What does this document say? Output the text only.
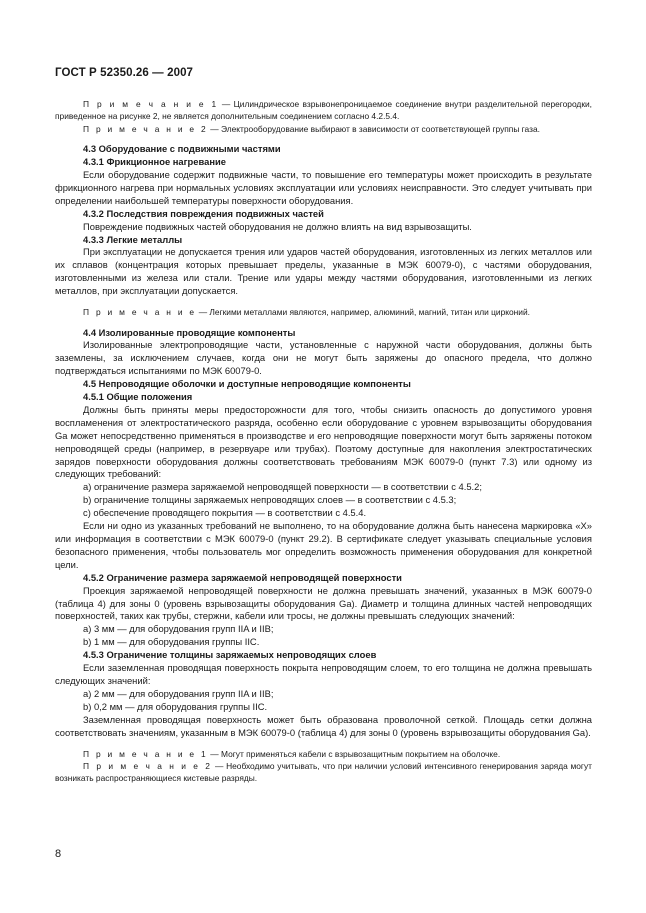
ГОСТ Р 52350.26 — 2007

П р и м е ч а н и е 1 — Цилиндрическое взрывонепроницаемое соединение внутри разделительной перегородки, приведенное на рисунке 2, не является дополнительным соединением согласно 4.2.5.4.

П р и м е ч а н и е 2 — Электрооборудование выбирают в зависимости от соответствующей группы газа.

4.3 Оборудование с подвижными частями

4.3.1 Фрикционное нагревание

Если оборудование содержит подвижные части, то повышение его температуры может происходить в результате фрикционного нагрева при нормальных условиях эксплуатации или условиях неисправности. Это следует учитывать при определении наибольшей температуры поверхности оборудования.

4.3.2 Последствия повреждения подвижных частей

Повреждение подвижных частей оборудования не должно влиять на вид взрывозащиты.

4.3.3 Легкие металлы

При эксплуатации не допускается трения или ударов частей оборудования, изготовленных из легких металлов или их сплавов (концентрация которых превышает пределы, указанные в МЭК 60079-0), с частями оборудования, изготовленными из железа или стали. Трение или удары между частями оборудования, изготовленными из легких металлов, при эксплуатации допускается.

П р и м е ч а н и е — Легкими металлами являются, например, алюминий, магний, титан или цирконий.

4.4 Изолированные проводящие компоненты

Изолированные электропроводящие части, установленные с наружной части оборудования, должны быть заземлены, за исключением случаев, когда они не могут быть заряжены до опасного предела, что должно подтверждаться испытаниями по МЭК 60079-0.

4.5 Непроводящие оболочки и доступные непроводящие компоненты

4.5.1 Общие положения

Должны быть приняты меры предосторожности для того, чтобы снизить опасность до допустимого уровня воспламенения от электростатического разряда, особенно если оборудование с уровнем взрывозащиты оборудования Ga может непосредственно применяться в производстве и его непроводящие поверхности могут быть заряжены потоком непроводящей среды (например, в резервуаре или трубах). Поэтому доступные для накопления электростатических зарядов поверхности оборудования должны соответствовать требованиям МЭК 60079-0 (пункт 7.3) или одному из следующих требований:

a) ограничение размера заряжаемой непроводящей поверхности — в соответствии с 4.5.2;

b) ограничение толщины заряжаемых непроводящих слоев — в соответствии с 4.5.3;

c) обеспечение проводящего покрытия — в соответствии с 4.5.4.

Если ни одно из указанных требований не выполнено, то на оборудование должна быть нанесена маркировка «X» или информация в соответствии с МЭК 60079-0 (пункт 29.2). В сертификате следует указывать специальные условия безопасного применения, чтобы пользователь мог определить возможность применения оборудования для конкретной цели.

4.5.2 Ограничение размера заряжаемой непроводящей поверхности

Проекция заряжаемой непроводящей поверхности не должна превышать значений, указанных в МЭК 60079-0 (таблица 4) для зоны 0 (уровень взрывозащиты оборудования Ga). Диаметр и толщина длинных частей непроводящих поверхностей, таких как трубы, стержни, кабели или тросы, не должны превышать следующих значений:

a) 3 мм — для оборудования групп IIA и IIB;

b) 1 мм — для оборудования группы IIC.

4.5.3 Ограничение толщины заряжаемых непроводящих слоев

Если заземленная проводящая поверхность покрыта непроводящим слоем, то его толщина не должна превышать следующих значений:

a) 2 мм — для оборудования групп IIA и IIB;

b) 0,2 мм — для оборудования группы IIC.

Заземленная проводящая поверхность может быть образована проволочной сеткой. Площадь сетки должна соответствовать значениям, указанным в МЭК 60079-0 (таблица 4) для зоны 0 (уровень взрывозащиты оборудования Ga).

П р и м е ч а н и е 1 — Могут применяться кабели с взрывозащитным покрытием на оболочке.

П р и м е ч а н и е 2 — Необходимо учитывать, что при наличии условий интенсивного генерирования заряда могут возникать распространяющиеся кистевые разряды.

8
